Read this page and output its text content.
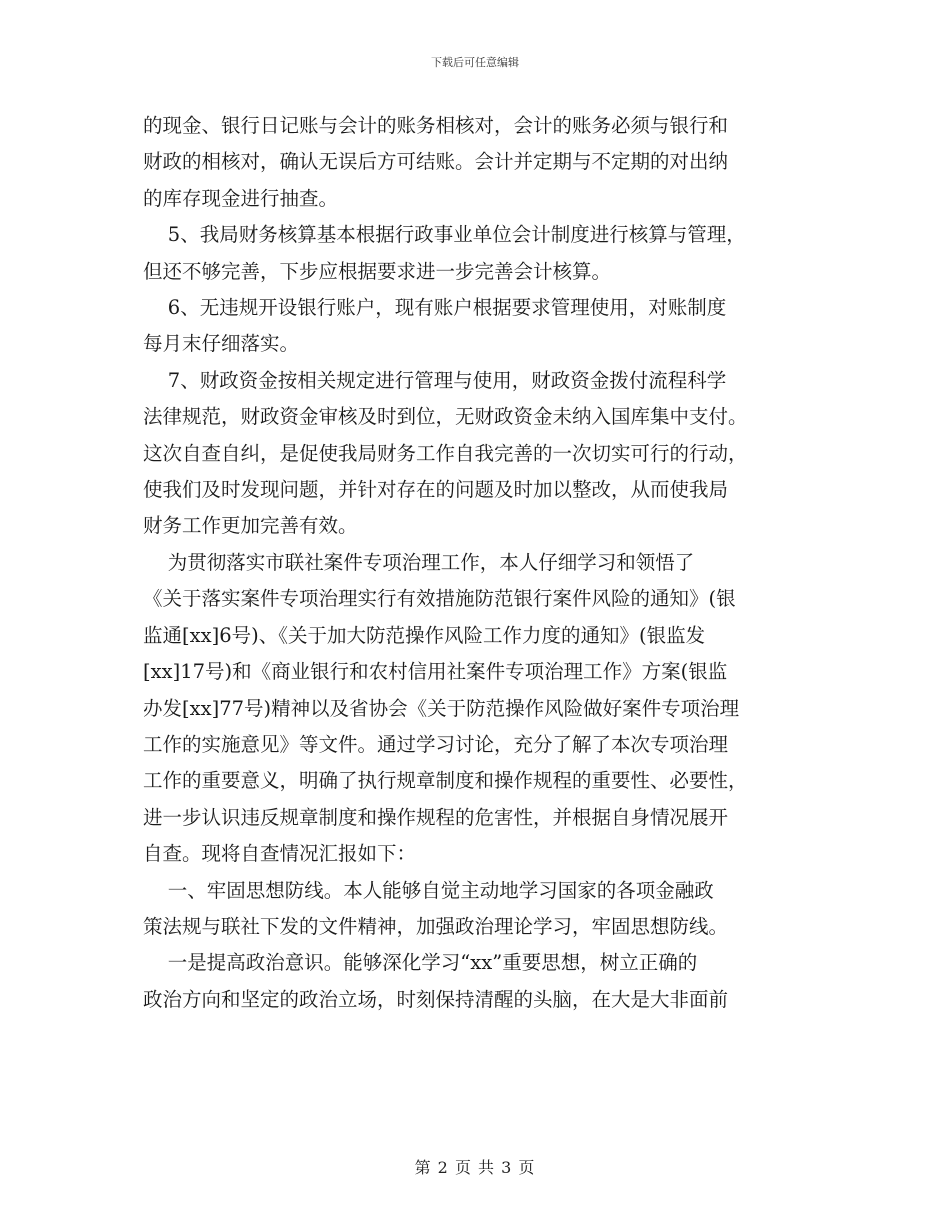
下载后可任意编辑

的现金、银行日记账与会计的账务相核对，会计的账务必须与银行和

财政的相核对，确认无误后方可结账。会计并定期与不定期的对出纳

的库存现金进行抽查。

5、我局财务核算基本根据行政事业单位会计制度进行核算与管理，

但还不够完善，下步应根据要求进一步完善会计核算。

6、无违规开设银行账户，现有账户根据要求管理使用，对账制度

每月末仔细落实。

7、财政资金按相关规定进行管理与使用，财政资金拨付流程科学

法律规范，财政资金审核及时到位，无财政资金未纳入国库集中支付。

这次自查自纠，是促使我局财务工作自我完善的一次切实可行的行动，

使我们及时发现问题，并针对存在的问题及时加以整改，从而使我局

财务工作更加完善有效。

为贯彻落实市联社案件专项治理工作，本人仔细学习和领悟了

《关于落实案件专项治理实行有效措施防范银行案件风险的通知》(银

监通[xx]6号)、《关于加大防范操作风险工作力度的通知》(银监发

[xx]17号)和《商业银行和农村信用社案件专项治理工作》方案(银监

办发[xx]77号)精神以及省协会《关于防范操作风险做好案件专项治理

工作的实施意见》等文件。通过学习讨论，充分了解了本次专项治理

工作的重要意义，明确了执行规章制度和操作规程的重要性、必要性，

进一步认识违反规章制度和操作规程的危害性，并根据自身情况展开

自查。现将自查情况汇报如下：

一、牢固思想防线。本人能够自觉主动地学习国家的各项金融政

策法规与联社下发的文件精神，加强政治理论学习，牢固思想防线。

一是提高政治意识。能够深化学习“xx”重要思想，树立正确的

政治方向和坚定的政治立场，时刻保持清醒的头脑，在大是大非面前

第 2 页 共 3 页
